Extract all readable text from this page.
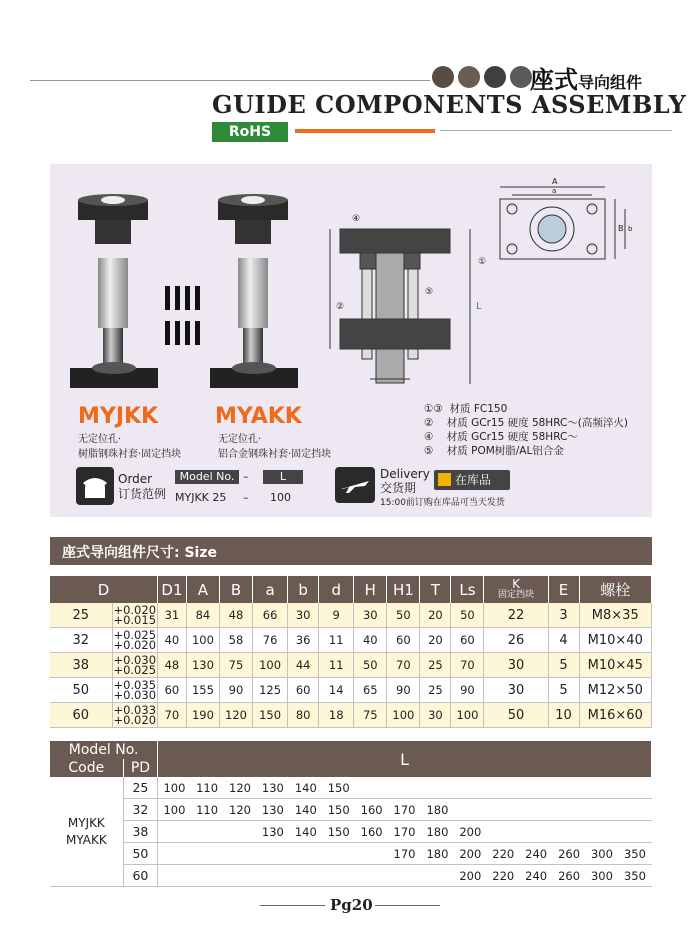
座式导向组件
GUIDE COMPONENTS ASSEMBLY
RoHS
MYJKK	MYAKK
无定位孔·
树脂钢珠衬套·固定挡块
无定位孔·
铝合金钢珠衬套·固定挡块
④
②
⑤
L
A
B
a
b
①
①③ 材质 FC150
② 材质 GCr15 硬度 58HRC～(高频淬火)
④ 材质 GCr15 硬度 58HRC～
⑤ 材质 POM树脂/AL铝合金
Order
订货范例
Model No. –	L
MYJKK 25 – 100
Delivery
交货期
在库品
15:00前订购在库品可当天发货
座式导向组件尺寸: Size
D		D1	A	B	a	b	d	H	H1	T	Ls	K
固定挡块	E	螺栓
25	+0.020
+0.015	31	84	48	66	30	9	30	50	20	50	22	3	M8×35
32	+0.025
+0.020	40	100	58	76	36	11	40	60	20	60	26	4	M10×40
38	+0.030
+0.025	48	130	75	100	44	11	50	70	25	70	30	5	M10×45
50	+0.035
+0.030	60	155	90	125	60	14	65	90	25	90	30	5	M12×50
60	+0.033
+0.020	70	190	120	150	80	18	75	100	30	100	50	10	M16×60
Model No.		L														
Code	PD															

MYJKK
MYAKK	25	100	110	120	130	140	150									
	32	100	110	120	130	140	150	160	170	180						
	38				130	140	150	160	170	180	200					
	50								170	180	200	220	240	260	300	350
	60										200	220	240	260	300	350
Pg20
